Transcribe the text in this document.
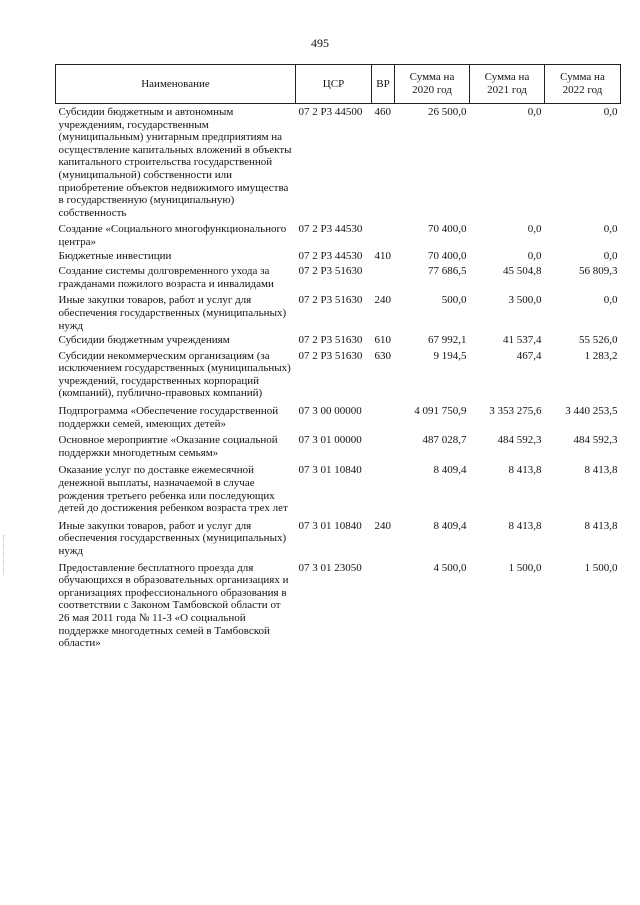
495
Наименование	ЦСР	ВР	Сумма на 2020 год	Сумма на 2021 год	Сумма на 2022 год
Субсидии бюджетным и автономным учреждениям, государственным (муниципальным) унитарным предприятиям на осуществление капитальных вложений в объекты капитального строительства государственной (муниципальной) собственности или приобретение объектов недвижимого имущества в государственную (муниципальную) собственность	07 2 P3 44500	460	26 500,0	0,0	0,0
Создание «Социального многофункционального центра»	07 2 P3 44530		70 400,0	0,0	0,0
Бюджетные инвестиции	07 2 P3 44530	410	70 400,0	0,0	0,0
Создание системы долговременного ухода за гражданами пожилого возраста и инвалидами	07 2 P3 51630		77 686,5	45 504,8	56 809,3
Иные закупки товаров, работ и услуг для обеспечения государственных (муниципальных) нужд	07 2 P3 51630	240	500,0	3 500,0	0,0
Субсидии бюджетным учреждениям	07 2 P3 51630	610	67 992,1	41 537,4	55 526,0
Субсидии некоммерческим организациям (за исключением государственных (муниципальных) учреждений, государственных корпораций (компаний), публично-правовых компаний)	07 2 P3 51630	630	9 194,5	467,4	1 283,2
Подпрограмма «Обеспечение государственной поддержки семей, имеющих детей»	07 3 00 00000		4 091 750,9	3 353 275,6	3 440 253,5
Основное мероприятие «Оказание социальной поддержки многодетным семьям»	07 3 01 00000		487 028,7	484 592,3	484 592,3
Оказание услуг по доставке ежемесячной денежной выплаты, назначаемой в случае рождения третьего ребенка или последующих детей до достижения ребенком возраста трех лет	07 3 01 10840		8 409,4	8 413,8	8 413,8
Иные закупки товаров, работ и услуг для обеспечения государственных (муниципальных) нужд	07 3 01 10840	240	8 409,4	8 413,8	8 413,8
Предоставление бесплатного проезда для обучающихся в образовательных организациях и организациях профессионального образования в соответствии с Законом Тамбовской области от 26 мая 2011 года № 11-З «О социальной поддержке многодетных семей в Тамбовской области»	07 3 01 23050		4 500,0	1 500,0	1 500,0
